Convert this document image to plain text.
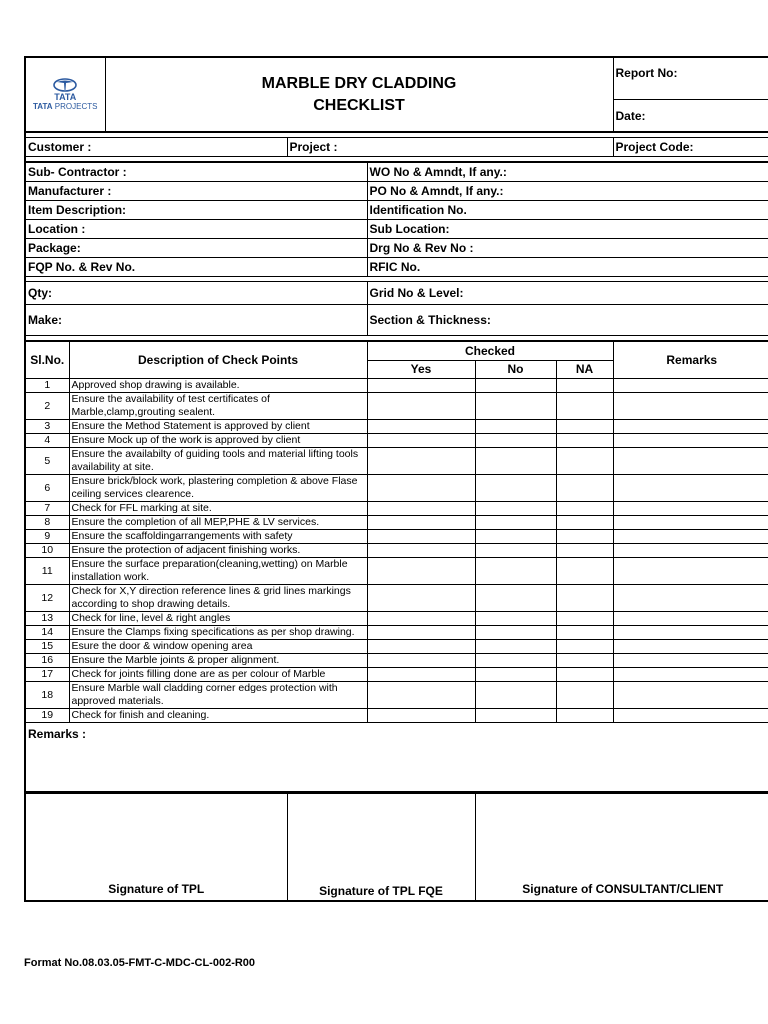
TATA
TATA PROJECTS

MARBLE DRY CLADDING
CHECKLIST
	Report No:
Date:

Customer :	Project :	Project Code:

Sub- Contractor :	WO No & Amndt, If any.:
Manufacturer :	PO No & Amndt, If any.:
Item Description:	Identification No.
Location :	Sub Location:
Package:	Drg No & Rev No :
FQP No. & Rev No.	RFIC No.

Qty:	Grid No & Level:
Make:	Section & Thickness:

Sl.No.	Description of Check Points	Checked			Remarks
		Yes	No	NA	
1	Approved shop drawing is available.				
2	Ensure the availability of test certificates of Marble,clamp,grouting sealent.				
3	Ensure the Method Statement is approved by client				
4	Ensure Mock up of the work is approved by client				
5	Ensure the availabilty of guiding tools and material lifting tools availability at site.				
6	Ensure brick/block work, plastering completion & above Flase ceiling services clearence.				
7	Check for FFL marking at site.				
8	Ensure the completion of all MEP,PHE & LV services.				
9	Ensure the scaffoldingarrangements with safety				
10	Ensure the protection of adjacent finishing works.				
11	Ensure the surface preparation(cleaning,wetting) on Marble installation work.				
12	Check for X,Y direction reference lines & grid lines markings according to shop drawing details.				
13	Check for line, level & right angles				
14	Ensure the Clamps fixing specifications as per shop drawing.				
15	Esure the door & window opening area				
16	Ensure the Marble joints & proper alignment.				
17	Check for joints filling done are as per colour of Marble				
18	Ensure Marble wall cladding corner edges protection with approved materials.				
19	Check for finish and cleaning.				
Remarks :					
Signature of TPL	Signature of TPL FQE	Signature of CONSULTANT/CLIENT
Format No.08.03.05-FMT-C-MDC-CL-002-R00
